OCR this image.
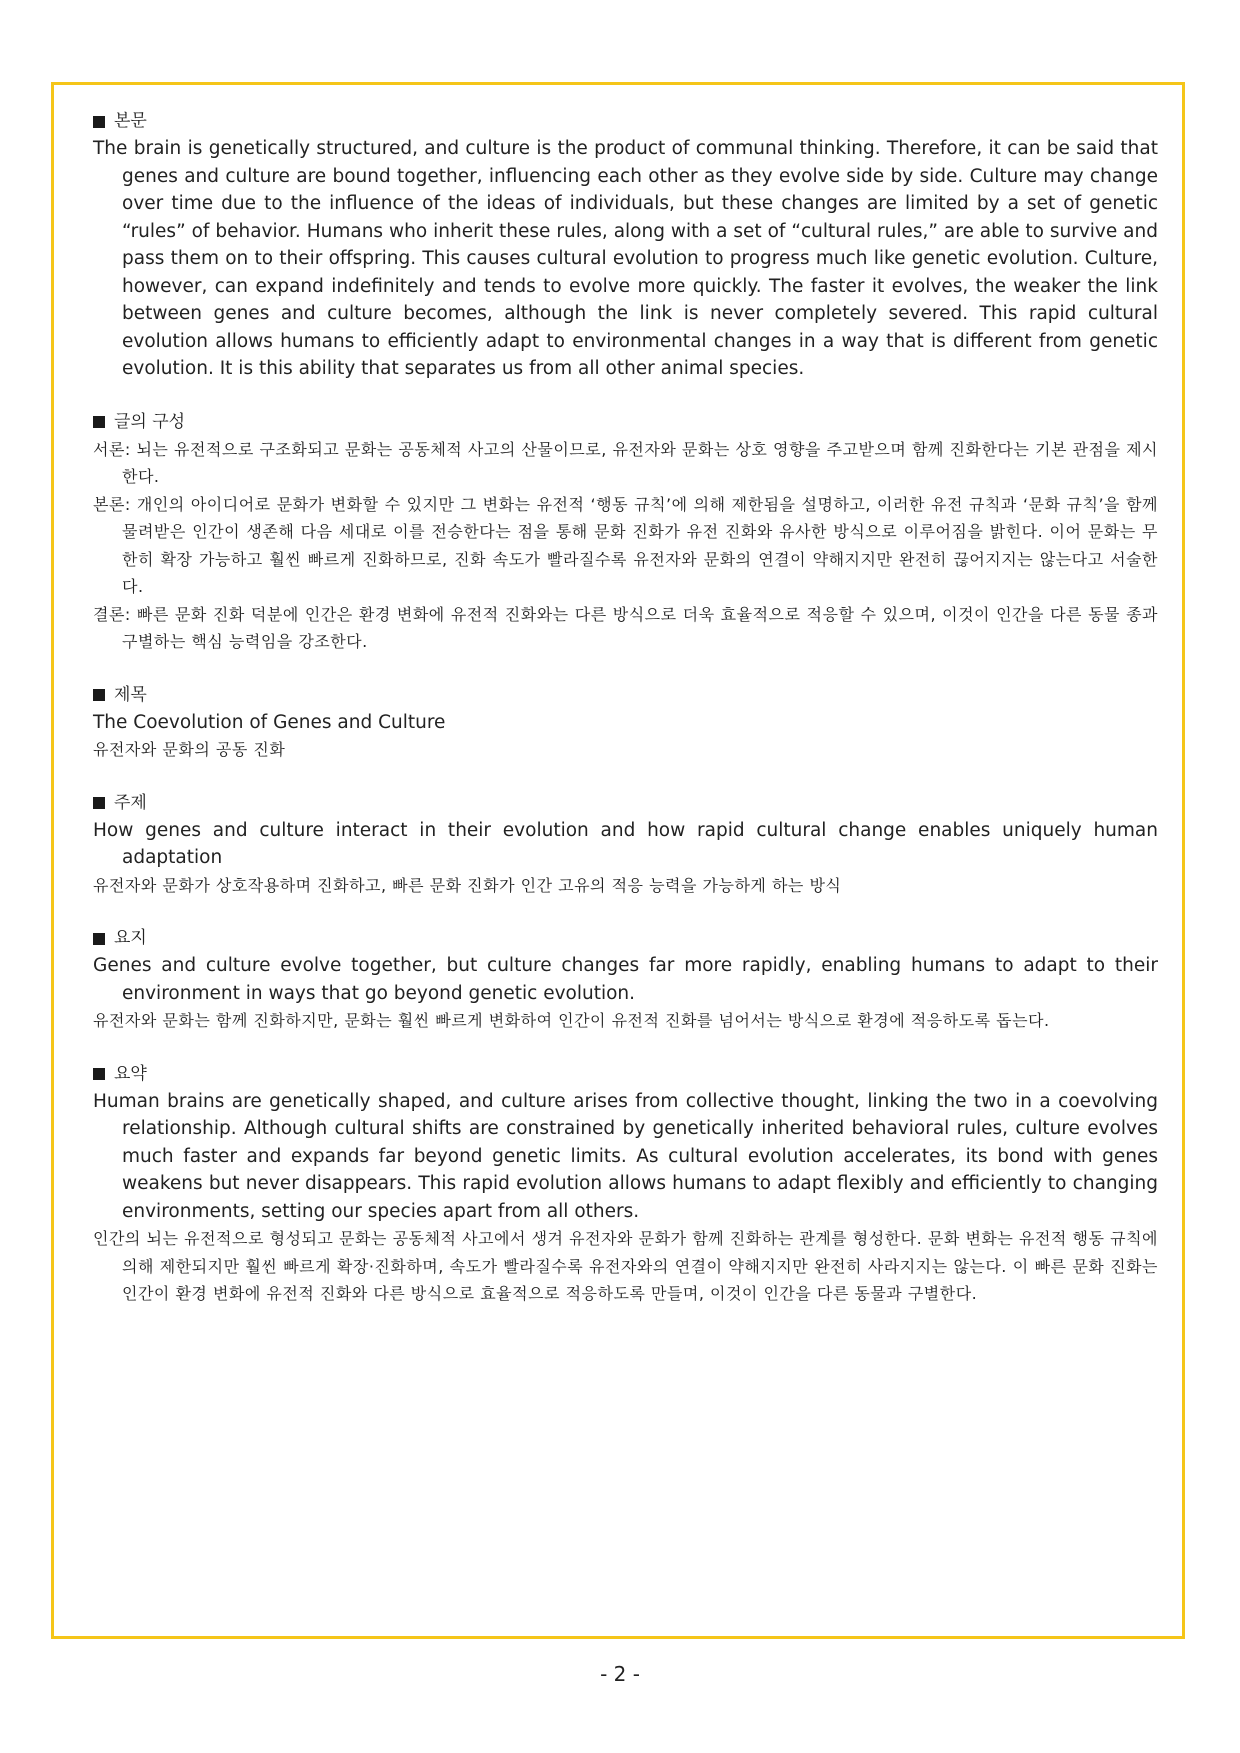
본문

The brain is genetically structured, and culture is the product of communal thinking. Therefore, it can be said that genes and culture are bound together, influencing each other as they evolve side by side. Culture may change over time due to the influence of the ideas of individuals, but these changes are limited by a set of genetic “rules” of behavior. Humans who inherit these rules, along with a set of “cultural rules,” are able to survive and pass them on to their offspring. This causes cultural evolution to progress much like genetic evolution. Culture, however, can expand indefinitely and tends to evolve more quickly. The faster it evolves, the weaker the link between genes and culture becomes, although the link is never completely severed. This rapid cultural evolution allows humans to efficiently adapt to environmental changes in a way that is different from genetic evolution. It is this ability that separates us from all other animal species.

글의 구성

서론: 뇌는 유전적으로 구조화되고 문화는 공동체적 사고의 산물이므로, 유전자와 문화는 상호 영향을 주고받으며 함께 진화한다는 기본 관점을 제시한다.

본론: 개인의 아이디어로 문화가 변화할 수 있지만 그 변화는 유전적 ‘행동 규칙’에 의해 제한됨을 설명하고, 이러한 유전 규칙과 ‘문화 규칙’을 함께 물려받은 인간이 생존해 다음 세대로 이를 전승한다는 점을 통해 문화 진화가 유전 진화와 유사한 방식으로 이루어짐을 밝힌다. 이어 문화는 무한히 확장 가능하고 훨씬 빠르게 진화하므로, 진화 속도가 빨라질수록 유전자와 문화의 연결이 약해지지만 완전히 끊어지지는 않는다고 서술한다.

결론: 빠른 문화 진화 덕분에 인간은 환경 변화에 유전적 진화와는 다른 방식으로 더욱 효율적으로 적응할 수 있으며, 이것이 인간을 다른 동물 종과 구별하는 핵심 능력임을 강조한다.

제목

The Coevolution of Genes and Culture

유전자와 문화의 공동 진화

주제

How genes and culture interact in their evolution and how rapid cultural change enables uniquely human adaptation

유전자와 문화가 상호작용하며 진화하고, 빠른 문화 진화가 인간 고유의 적응 능력을 가능하게 하는 방식

요지

Genes and culture evolve together, but culture changes far more rapidly, enabling humans to adapt to their environment in ways that go beyond genetic evolution.

유전자와 문화는 함께 진화하지만, 문화는 훨씬 빠르게 변화하여 인간이 유전적 진화를 넘어서는 방식으로 환경에 적응하도록 돕는다.

요약

Human brains are genetically shaped, and culture arises from collective thought, linking the two in a coevolving relationship. Although cultural shifts are constrained by genetically inherited behavioral rules, culture evolves much faster and expands far beyond genetic limits. As cultural evolution accelerates, its bond with genes weakens but never disappears. This rapid evolution allows humans to adapt flexibly and efficiently to changing environments, setting our species apart from all others.

인간의 뇌는 유전적으로 형성되고 문화는 공동체적 사고에서 생겨 유전자와 문화가 함께 진화하는 관계를 형성한다. 문화 변화는 유전적 행동 규칙에 의해 제한되지만 훨씬 빠르게 확장·진화하며, 속도가 빨라질수록 유전자와의 연결이 약해지지만 완전히 사라지지는 않는다. 이 빠른 문화 진화는 인간이 환경 변화에 유전적 진화와 다른 방식으로 효율적으로 적응하도록 만들며, 이것이 인간을 다른 동물과 구별한다.

- 2 -
